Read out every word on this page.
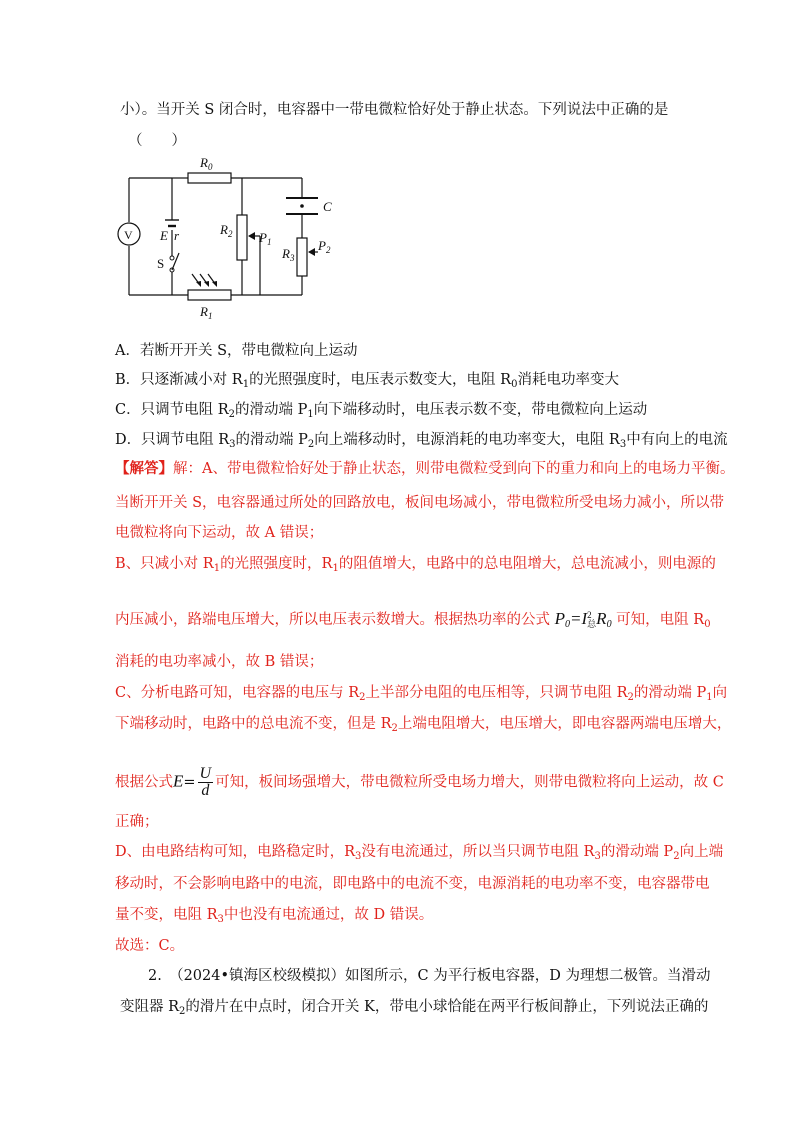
小）。当开关 S 闭合时，电容器中一带电微粒恰好处于静止状态。下列说法中正确的是
（　　）
$R_0$
C
$R_2$ $P_1$
$R_3$
$P_2$
E r
S
$R_1$
V
A．若断开开关 S，带电微粒向上运动
B．只逐渐减小对 $R_1$的光照强度时，电压表示数变大，电阻 $R_0$消耗电功率变大
C．只调节电阻 $R_2$的滑动端 $P_1$向下端移动时，电压表示数不变，带电微粒向上运动
D．只调节电阻 $R_3$的滑动端 $P_2$向上端移动时，电源消耗的电功率变大，电阻 $R_3$中有向上的电流
【解答】解：A、带电微粒恰好处于静止状态，则带电微粒受到向下的重力和向上的电场力平衡。
当断开开关 S，电容器通过所处的回路放电，板间电场减小，带电微粒所受电场力减小，所以带
电微粒将向下运动，故 A 错误；
B、只减小对 $R_1$的光照强度时，$R_1$的阻值增大，电路中的总电阻增大，总电流减小，则电源的
内压减小，路端电压增大，所以电压表示数增大。根据热功率的公式 $P_0=I$ 2
总 $R_0$ 可知，电阻 $R_0$
消耗的电功率减小，故 B 错误；
C、分析电路可知，电容器的电压与 $R_2$上半部分电阻的电压相等，只调节电阻 $R_2$的滑动端 $P_1$向
下端移动时，电路中的总电流不变，但是 $R_2$上端电阻增大，电压增大，即电容器两端电压增大，
根据公式$E= \frac{U}{d}$ 可知，板间场强增大，带电微粒所受电场力增大，则带电微粒将向上运动，故 C
正确；
D、由电路结构可知，电路稳定时，$R_3$没有电流通过，所以当只调节电阻 $R_3$的滑动端 $P_2$向上端
移动时，不会影响电路中的电流，即电路中的电流不变，电源消耗的电功率不变，电容器带电
量不变，电阻 $R_3$中也没有电流通过，故 D 错误。
故选：C。
2.　（2024•镇海区校级模拟）如图所示，C 为平行板电容器，D 为理想二极管。当滑动
变阻器 $R_2$的滑片在中点时，闭合开关 K，带电小球恰能在两平行板间静止，下列说法正确的
